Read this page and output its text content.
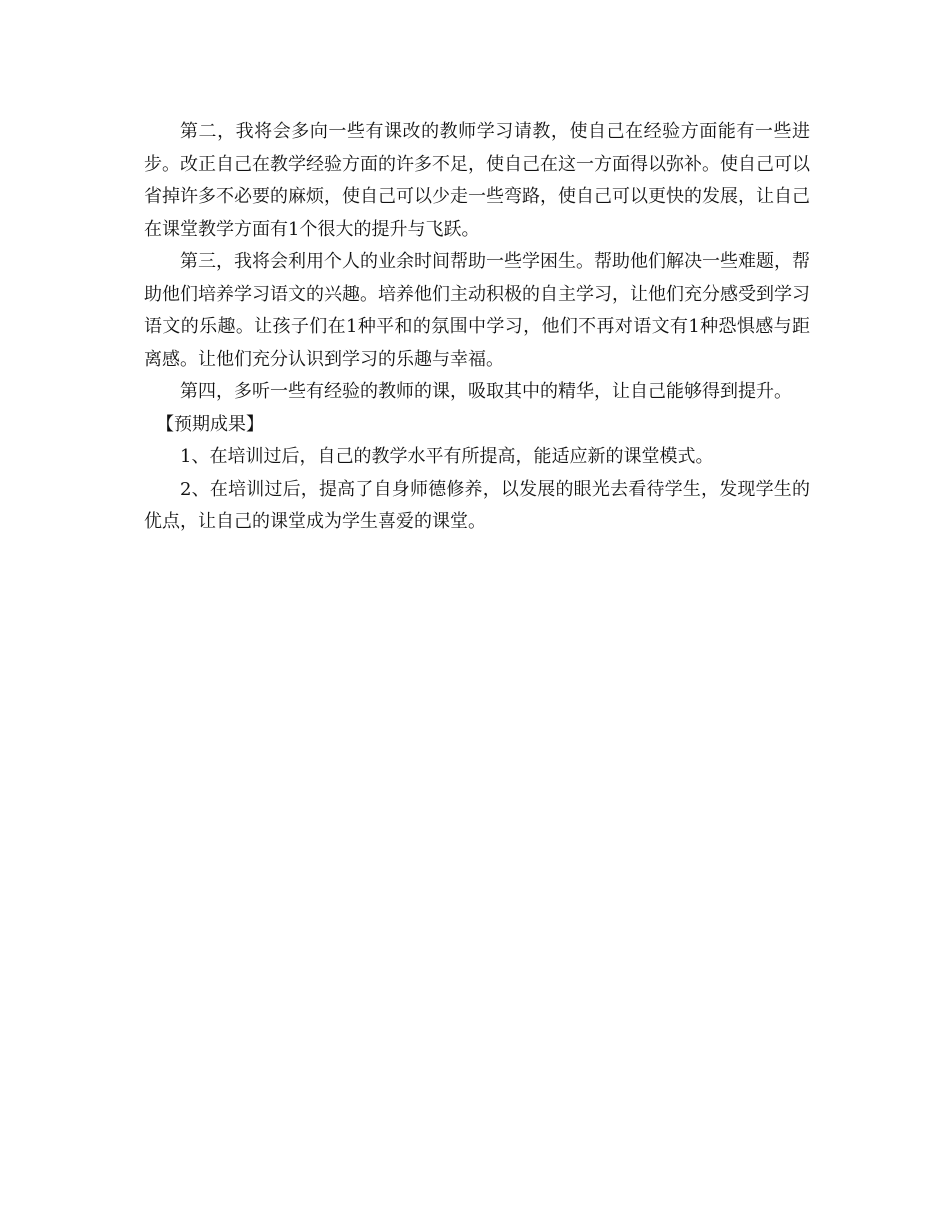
第二，我将会多向一些有课改的教师学习请教，使自己在经验方面能有一些进步。改正自己在教学经验方面的许多不足，使自己在这一方面得以弥补。使自己可以省掉许多不必要的麻烦，使自己可以少走一些弯路，使自己可以更快的发展，让自己在课堂教学方面有1个很大的提升与飞跃。

第三，我将会利用个人的业余时间帮助一些学困生。帮助他们解决一些难题，帮助他们培养学习语文的兴趣。培养他们主动积极的自主学习，让他们充分感受到学习语文的乐趣。让孩子们在1种平和的氛围中学习，他们不再对语文有1种恐惧感与距离感。让他们充分认识到学习的乐趣与幸福。

第四，多听一些有经验的教师的课，吸取其中的精华，让自己能够得到提升。

【预期成果】

1、在培训过后，自己的教学水平有所提高，能适应新的课堂模式。

2、在培训过后，提高了自身师德修养，以发展的眼光去看待学生，发现学生的优点，让自己的课堂成为学生喜爱的课堂。
